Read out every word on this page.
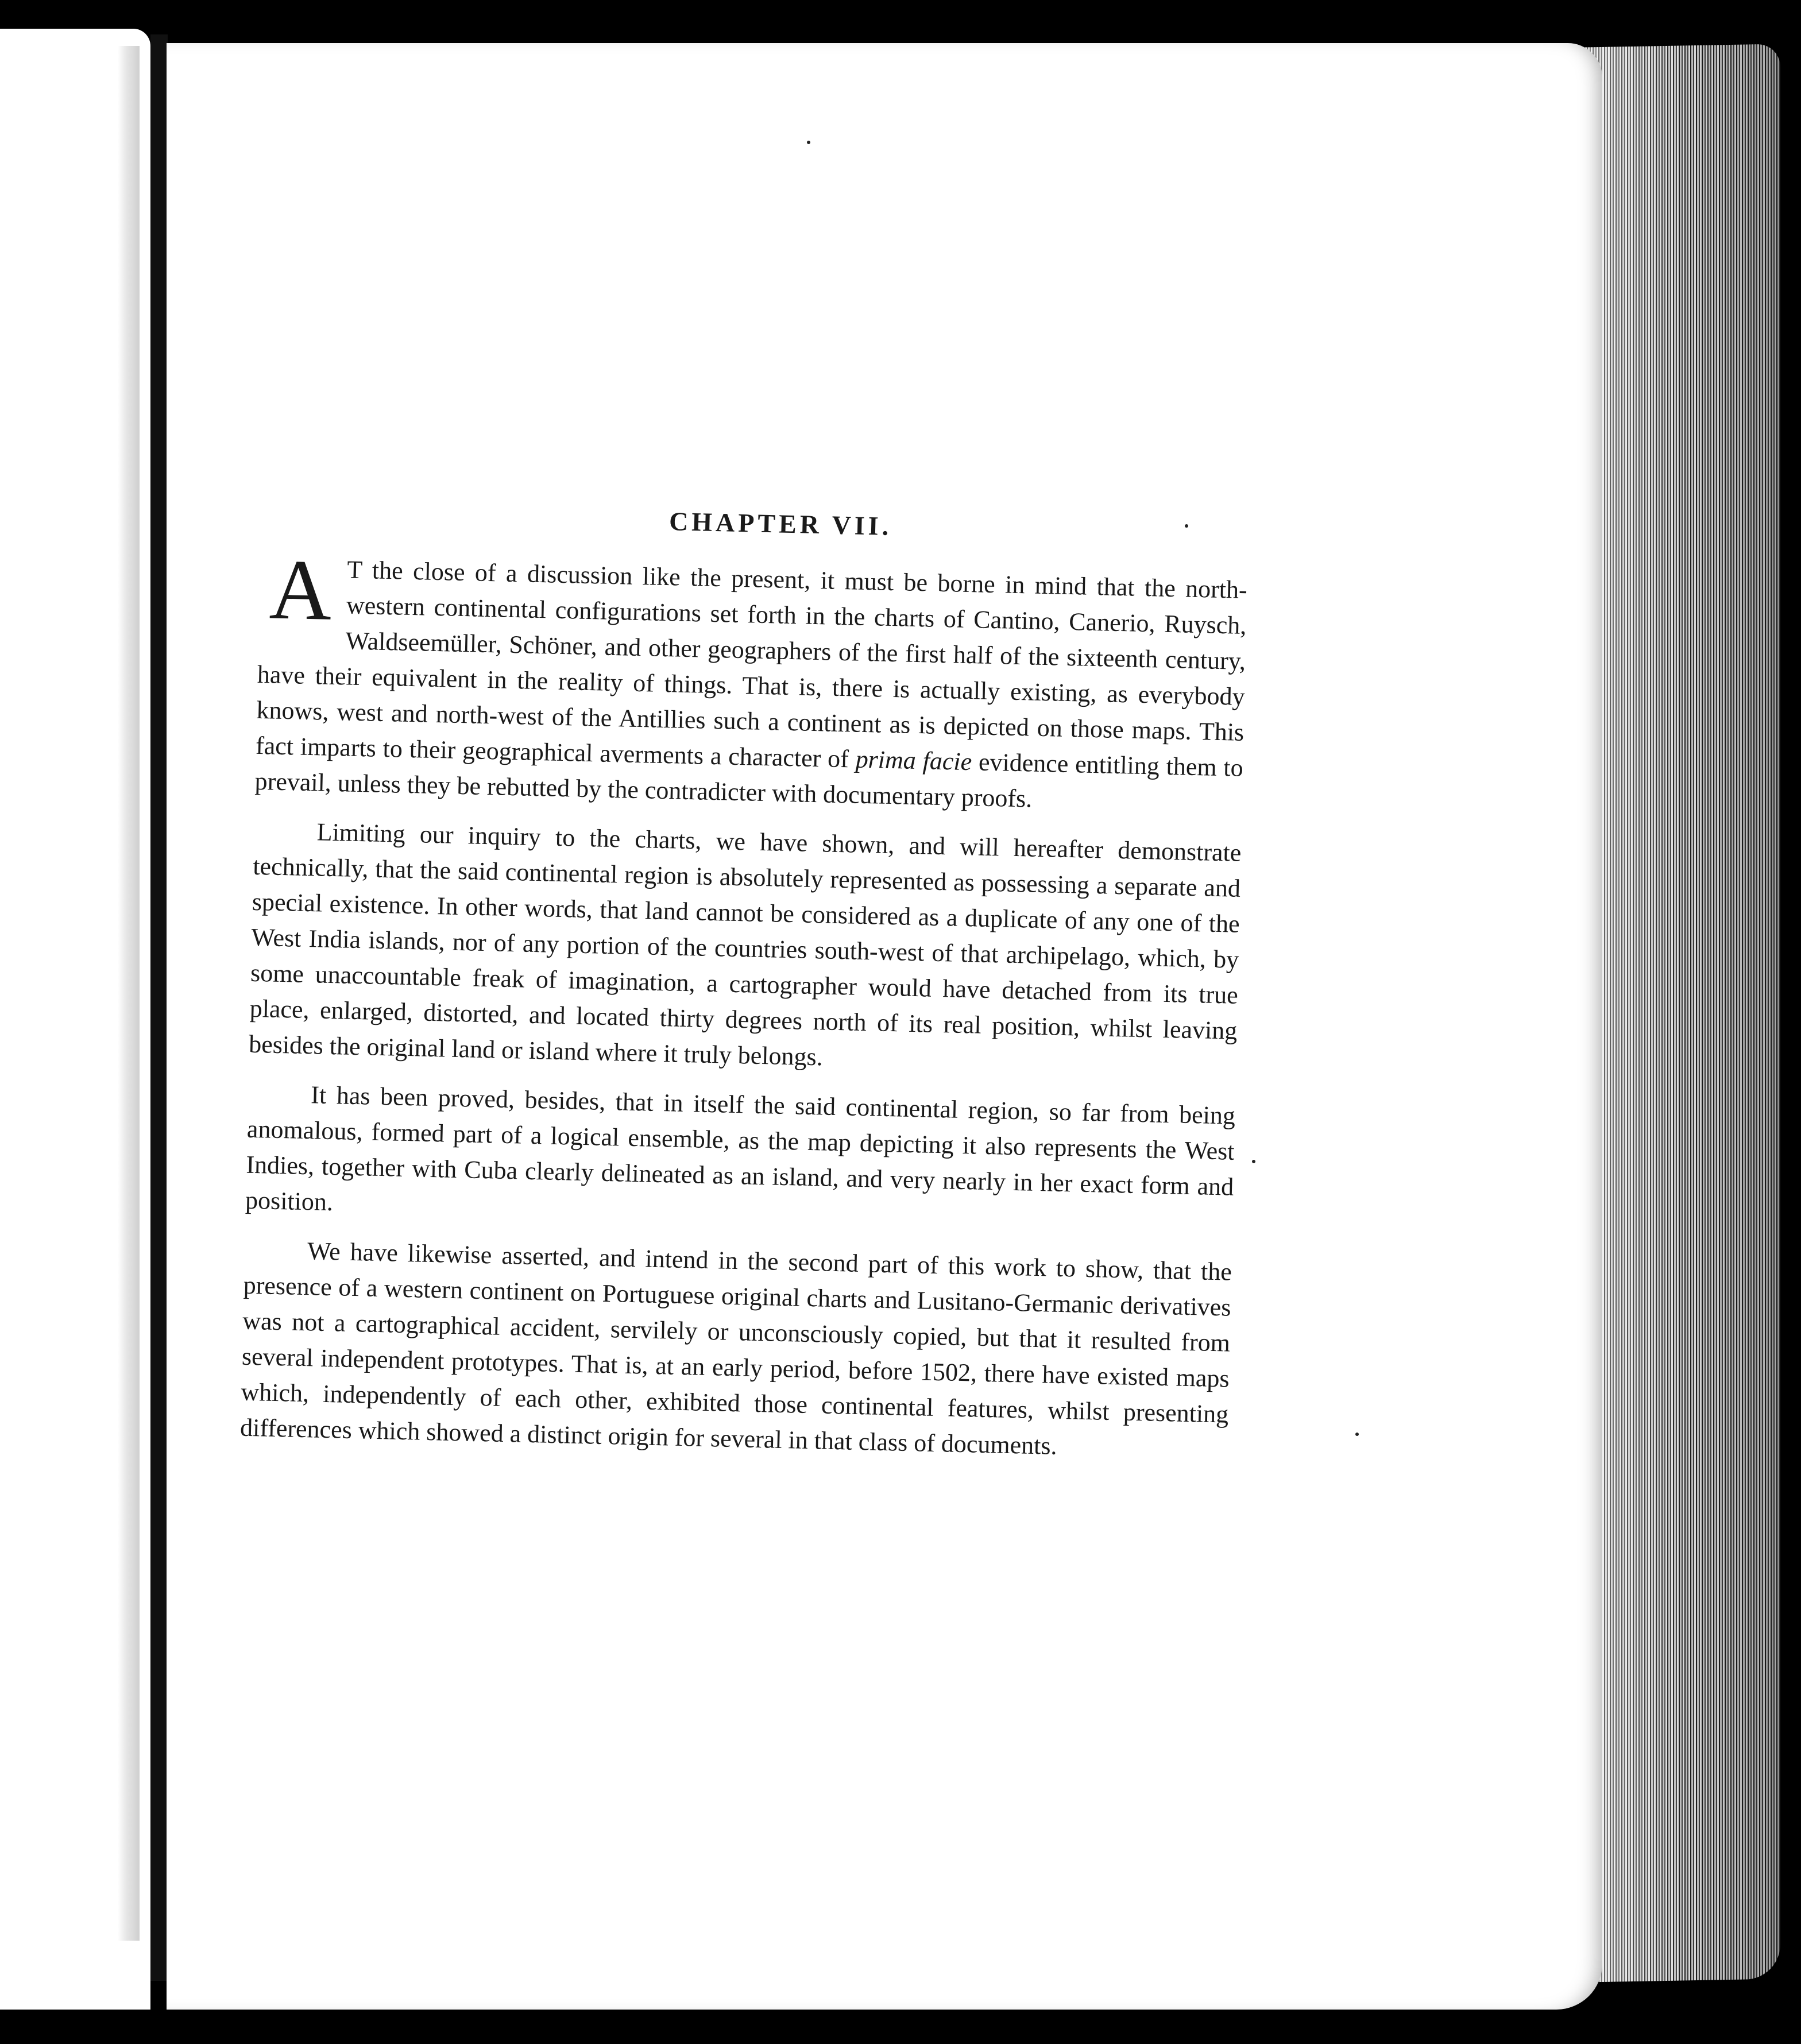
CHAPTER VII.

A T the close of a discussion like the present, it must be borne in mind that the north-western continental configurations set forth in the charts of Cantino, Canerio, Ruysch, Waldseemüller, Schöner, and other geographers of the first half of the sixteenth century, have their equivalent in the reality of things. That is, there is actually existing, as everybody knows, west and north-west of the Antillies such a continent as is depicted on those maps. This fact imparts to their geographical averments a character of prima facie evidence entitling them to prevail, unless they be rebutted by the contradicter with documentary proofs.

Limiting our inquiry to the charts, we have shown, and will hereafter demonstrate technically, that the said continental region is absolutely represented as possessing a separate and special existence. In other words, that land cannot be considered as a duplicate of any one of the West India islands, nor of any portion of the countries south-west of that archipelago, which, by some unaccountable freak of imagination, a cartographer would have detached from its true place, enlarged, distorted, and located thirty degrees north of its real position, whilst leaving besides the original land or island where it truly belongs.

It has been proved, besides, that in itself the said continental region, so far from being anomalous, formed part of a logical ensemble, as the map depicting it also represents the West Indies, together with Cuba clearly delineated as an island, and very nearly in her exact form and position.

We have likewise asserted, and intend in the second part of this work to show, that the presence of a western continent on Portuguese original charts and Lusitano-Germanic derivatives was not a cartographical accident, servilely or unconsciously copied, but that it resulted from several independent prototypes. That is, at an early period, before 1502, there have existed maps which, independently of each other, exhibited those continental features, whilst presenting differences which showed a distinct origin for several in that class of documents.
